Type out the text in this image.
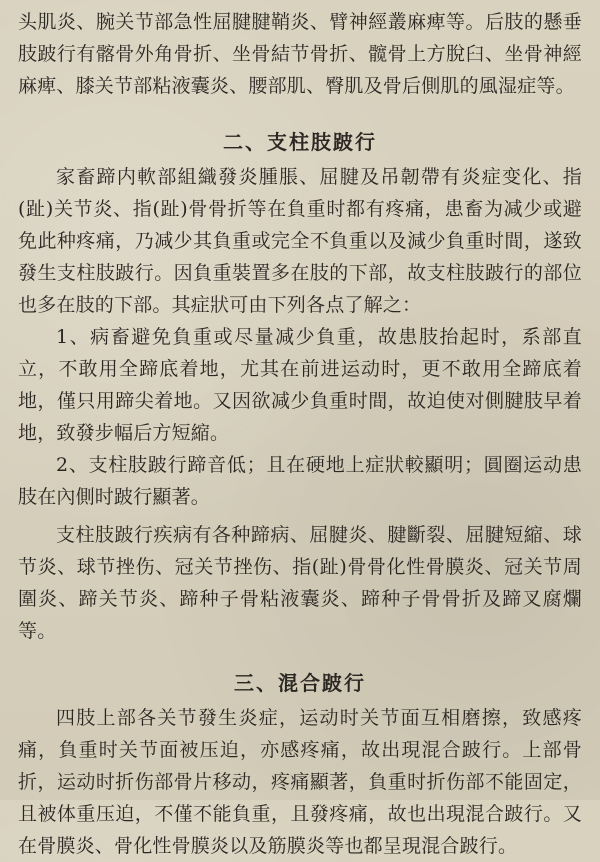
头肌炎、腕关节部急性屈腱腱鞘炎、臂神經叢麻痺等。后肢的懸垂肢跛行有髂骨外角骨折、坐骨結节骨折、髋骨上方脫臼、坐骨神經麻痺、膝关节部粘液囊炎、腰部肌、臀肌及骨后側肌的風湿症等。

二、支柱肢跛行

家畜蹄内軟部組織發炎腫脹、屈腱及吊韌帶有炎症变化、指(趾)关节炎、指(趾)骨骨折等在負重时都有疼痛，患畜为减少或避免此种疼痛，乃减少其負重或完全不負重以及減少負重时間，遂致發生支柱肢跛行。因負重裝置多在肢的下部，故支柱肢跛行的部位也多在肢的下部。其症狀可由下列各点了解之：

1、病畜避免負重或尽量减少負重，故患肢抬起时，系部直立，不敢用全蹄底着地，尤其在前进运动时，更不敢用全蹄底着地，僅只用蹄尖着地。又因欲减少負重时間，故迫使对側腱肢早着地，致發步幅后方短縮。

2、支柱肢跛行蹄音低；且在硬地上症狀較顯明；圓圈运动患肢在內側时跛行顯著。

支柱肢跛行疾病有各种蹄病、屈腱炎、腱斷裂、屈腱短縮、球节炎、球节挫伤、冠关节挫伤、指(趾)骨骨化性骨膜炎、冠关节周圍炎、蹄关节炎、蹄种子骨粘液囊炎、蹄种子骨骨折及蹄叉腐爛等。

三、混合跛行

四肢上部各关节發生炎症，运动时关节面互相磨擦，致感疼痛，負重时关节面被压迫，亦感疼痛，故出現混合跛行。上部骨折，运动时折伤部骨片移动，疼痛顯著，負重时折伤部不能固定，且被体重压迫，不僅不能負重，且發疼痛，故也出現混合跛行。又在骨膜炎、骨化性骨膜炎以及筋膜炎等也都呈現混合跛行。
